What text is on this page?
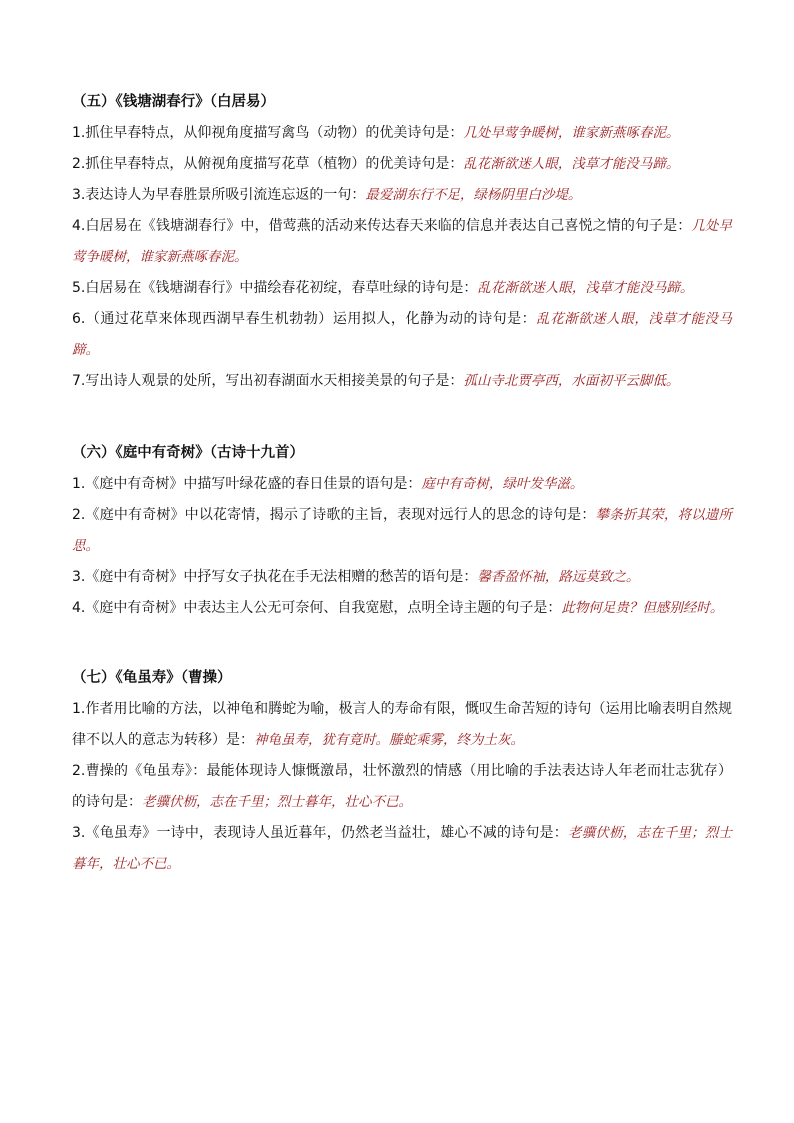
（五）《钱塘湖春行》（白居易）

1.抓住早春特点，从仰视角度描写禽鸟（动物）的优美诗句是：几处早莺争暖树，谁家新燕啄春泥。

2.抓住早春特点，从俯视角度描写花草（植物）的优美诗句是：乱花渐欲迷人眼，浅草才能没马蹄。

3.表达诗人为早春胜景所吸引流连忘返的一句：最爱湖东行不足，绿杨阴里白沙堤。

4.白居易在《钱塘湖春行》中，借莺燕的活动来传达春天来临的信息并表达自己喜悦之情的句子是：几处早莺争暖树，谁家新燕啄春泥。

5.白居易在《钱塘湖春行》中描绘春花初绽，春草吐绿的诗句是：乱花渐欲迷人眼，浅草才能没马蹄。

6.（通过花草来体现西湖早春生机勃勃）运用拟人，化静为动的诗句是：乱花渐欲迷人眼，浅草才能没马蹄。

7.写出诗人观景的处所，写出初春湖面水天相接美景的句子是：孤山寺北贾亭西，水面初平云脚低。

（六）《庭中有奇树》（古诗十九首）

1.《庭中有奇树》中描写叶绿花盛的春日佳景的语句是：庭中有奇树，绿叶发华滋。

2.《庭中有奇树》中以花寄情，揭示了诗歌的主旨，表现对远行人的思念的诗句是：攀条折其荣，将以遗所思。

3.《庭中有奇树》中抒写女子执花在手无法相赠的愁苦的语句是：馨香盈怀袖，路远莫致之。

4.《庭中有奇树》中表达主人公无可奈何、自我宽慰，点明全诗主题的句子是：此物何足贵？但感别经时。

（七）《龟虽寿》（曹操）

1.作者用比喻的方法，以神龟和腾蛇为喻，极言人的寿命有限，慨叹生命苦短的诗句（运用比喻表明自然规律不以人的意志为转移）是：神龟虽寿，犹有竟时。螣蛇乘雾，终为土灰。

2.曹操的《龟虽寿》：最能体现诗人慷慨激昂，壮怀激烈的情感（用比喻的手法表达诗人年老而壮志犹存）的诗句是：老骥伏枥，志在千里；烈士暮年，壮心不已。

3.《龟虽寿》一诗中，表现诗人虽近暮年，仍然老当益壮，雄心不减的诗句是：老骥伏枥，志在千里；烈士暮年，壮心不已。
